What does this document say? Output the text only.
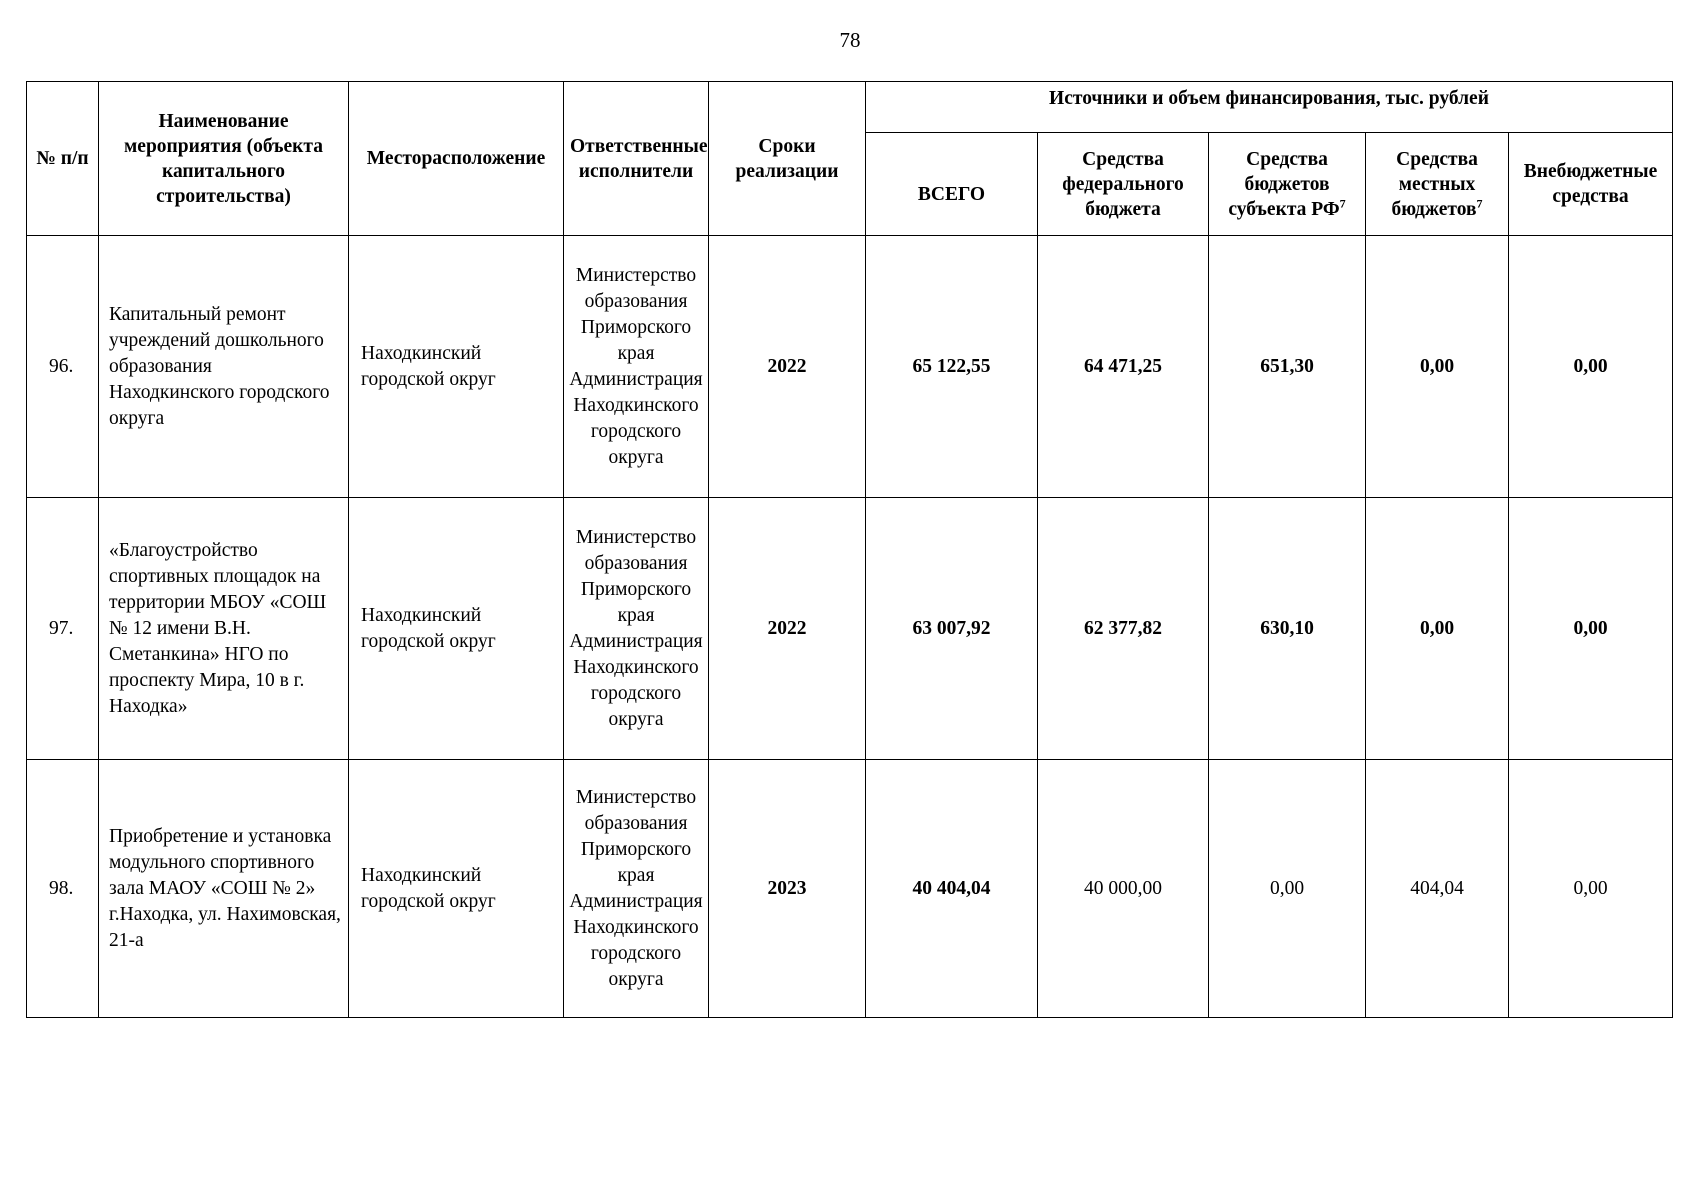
78
№ п/п	Наименование мероприятия (объекта капитального строительства)	Месторасположение	Ответственные исполнители	Сроки реализации	Источники и объем финансирования, тыс. рублей				
					ВСЕГО	Средства федерального бюджета	Средства бюджетов субъекта $РФ^7$	Средства местных бюджетов$^7$	Внебюджетные средства
96.	Капитальный ремонт учреждений дошкольного образования Находкинского городского округа	Находкинский городской округ	Министерство образования Приморского края Администрация Находкинского городского округа	2022	65 122,55	64 471,25	651,30	0,00	0,00
97.	«Благоустройство спортивных площадок на территории МБОУ «СОШ № 12 имени В.Н. Сметанкина» НГО по проспекту Мира, 10 в г. Находка»	Находкинский городской округ	Министерство образования Приморского края Администрация Находкинского городского округа	2022	63 007,92	62 377,82	630,10	0,00	0,00
98.	Приобретение и установка модульного спортивного зала МАОУ «СОШ № 2» г.Находка, ул. Нахимовская, 21-а	Находкинский городской округ	Министерство образования Приморского края Администрация Находкинского городского округа	2023	40 404,04	40 000,00	0,00	404,04	0,00
